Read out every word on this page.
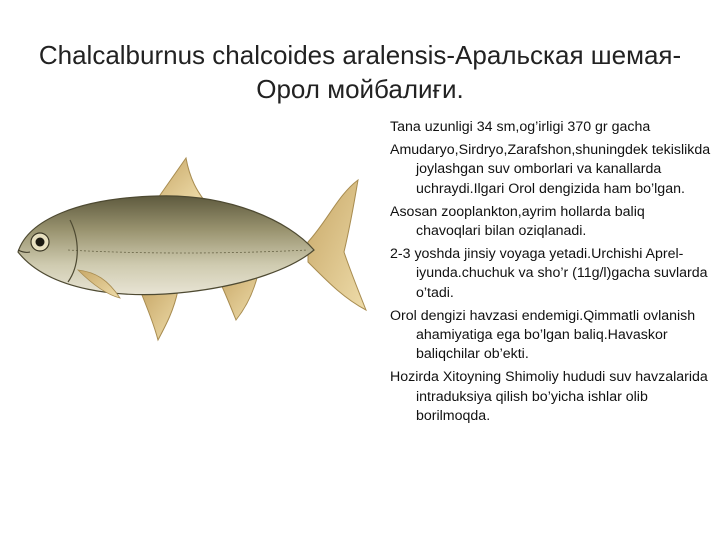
Chalcalburnus chalcoides aralensis-Аральская шемая-
Орол мойбалиғи.

Tana uzunligi 34 sm,og’irligi 370 gr gacha

Amudaryo,Sirdryo,Zarafshon,shuningdek tekislikda joylashgan suv omborlari va kanallarda uchraydi.Ilgari Orol dengizida ham bo’lgan.

Asosan zooplankton,ayrim hollarda baliq chavoqlari bilan oziqlanadi.

2-3 yoshda jinsiy voyaga yetadi.Urchishi Aprel-iyunda.chuchuk va sho’r (11g/l)gacha suvlarda o’tadi.

Orol dengizi havzasi endemigi.Qimmatli ovlanish ahamiyatiga ega bo’lgan baliq.Havaskor baliqchilar ob’ekti.

Hozirda Xitoyning Shimoliy hududi suv havzalarida intraduksiya qilish bo’yicha ishlar olib borilmoqda.
